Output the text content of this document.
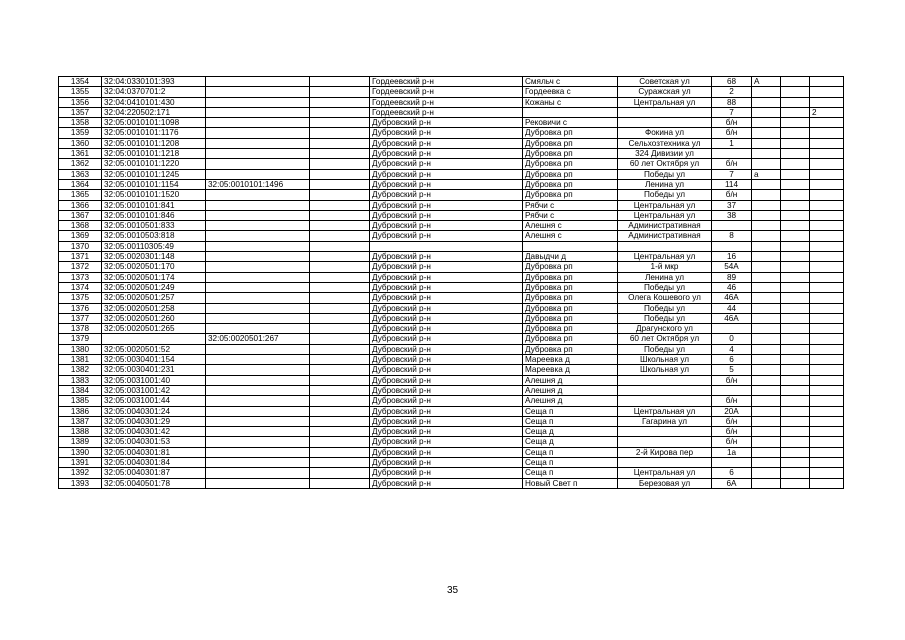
1354	32:04:0330101:393			Гордеевский р-н	Смяльч с	Советская ул	68	А		
1355	32:04:0370701:2			Гордеевский р-н	Гордеевка с	Суражская ул	2			
1356	32:04:0410101:430			Гордеевский р-н	Кожаны с	Центральная ул	88			
1357	32:04:220502:171			Гордеевский р-н			7			2
1358	32:05:0010101:1098			Дубровский р-н	Рековичи с		б/н			
1359	32:05:0010101:1176			Дубровский р-н	Дубровка рп	Фокина ул	б/н			
1360	32:05:0010101:1208			Дубровский р-н	Дубровка рп	Сельхозтехника ул	1			
1361	32:05:0010101:1218			Дубровский р-н	Дубровка рп	324 Дивизии ул				
1362	32:05:0010101:1220			Дубровский р-н	Дубровка рп	60 лет Октября ул	б/н			
1363	32:05:0010101:1245			Дубровский р-н	Дубровка рп	Победы ул	7	а		
1364	32:05:0010101:1154	32:05:0010101:1496		Дубровский р-н	Дубровка рп	Ленина ул	114			
1365	32:05:0010101:1520			Дубровский р-н	Дубровка рп	Победы ул	б/н			
1366	32:05:0010101:841			Дубровский р-н	Рябчи с	Центральная ул	37			
1367	32:05:0010101:846			Дубровский р-н	Рябчи с	Центральная ул	38			
1368	32:05:0010501:833			Дубровский р-н	Алешня с	Административная				
1369	32:05:0010503:818			Дубровский р-н	Алешня с	Административная	8			
1370	32:05:00110305:49									
1371	32:05:0020301:148			Дубровский р-н	Давыдчи д	Центральная ул	16			
1372	32:05:0020501:170			Дубровский р-н	Дубровка рп	1-й мкр	54А			
1373	32:05:0020501:174			Дубровский р-н	Дубровка рп	Ленина ул	89			
1374	32:05:0020501:249			Дубровский р-н	Дубровка рп	Победы ул	46			
1375	32:05:0020501:257			Дубровский р-н	Дубровка рп	Олега Кошевого ул	46А			
1376	32:05:0020501:258			Дубровский р-н	Дубровка рп	Победы ул	44			
1377	32:05:0020501:260			Дубровский р-н	Дубровка рп	Победы ул	46А			
1378	32:05:0020501:265			Дубровский р-н	Дубровка рп	Драгунского ул				
1379		32:05:0020501:267		Дубровский р-н	Дубровка рп	60 лет Октября ул	0			
1380	32:05:0020501:52			Дубровский р-н	Дубровка рп	Победы ул	4			
1381	32:05:0030401:154			Дубровский р-н	Мареевка д	Школьная ул	6			
1382	32:05:0030401:231			Дубровский р-н	Мареевка д	Школьная ул	5			
1383	32:05:0031001:40			Дубровский р-н	Алешня д		б/н			
1384	32:05:0031001:42			Дубровский р-н	Алешня д					
1385	32:05:0031001:44			Дубровский р-н	Алешня д		б/н			
1386	32:05:0040301:24			Дубровский р-н	Сеща п	Центральная ул	20А			
1387	32:05:0040301:29			Дубровский р-н	Сеща п	Гагарина ул	б/н			
1388	32:05:0040301:42			Дубровский р-н	Сеща д		б/н			
1389	32:05:0040301:53			Дубровский р-н	Сеща д		б/н			
1390	32:05:0040301:81			Дубровский р-н	Сеща п	2-й Кирова пер	1а			
1391	32:05:0040301:84			Дубровский р-н	Сеща п					
1392	32:05:0040301:87			Дубровский р-н	Сеща п	Центральная ул	6			
1393	32:05:0040501:78			Дубровский р-н	Новый Свет п	Березовая ул	6А			
35
